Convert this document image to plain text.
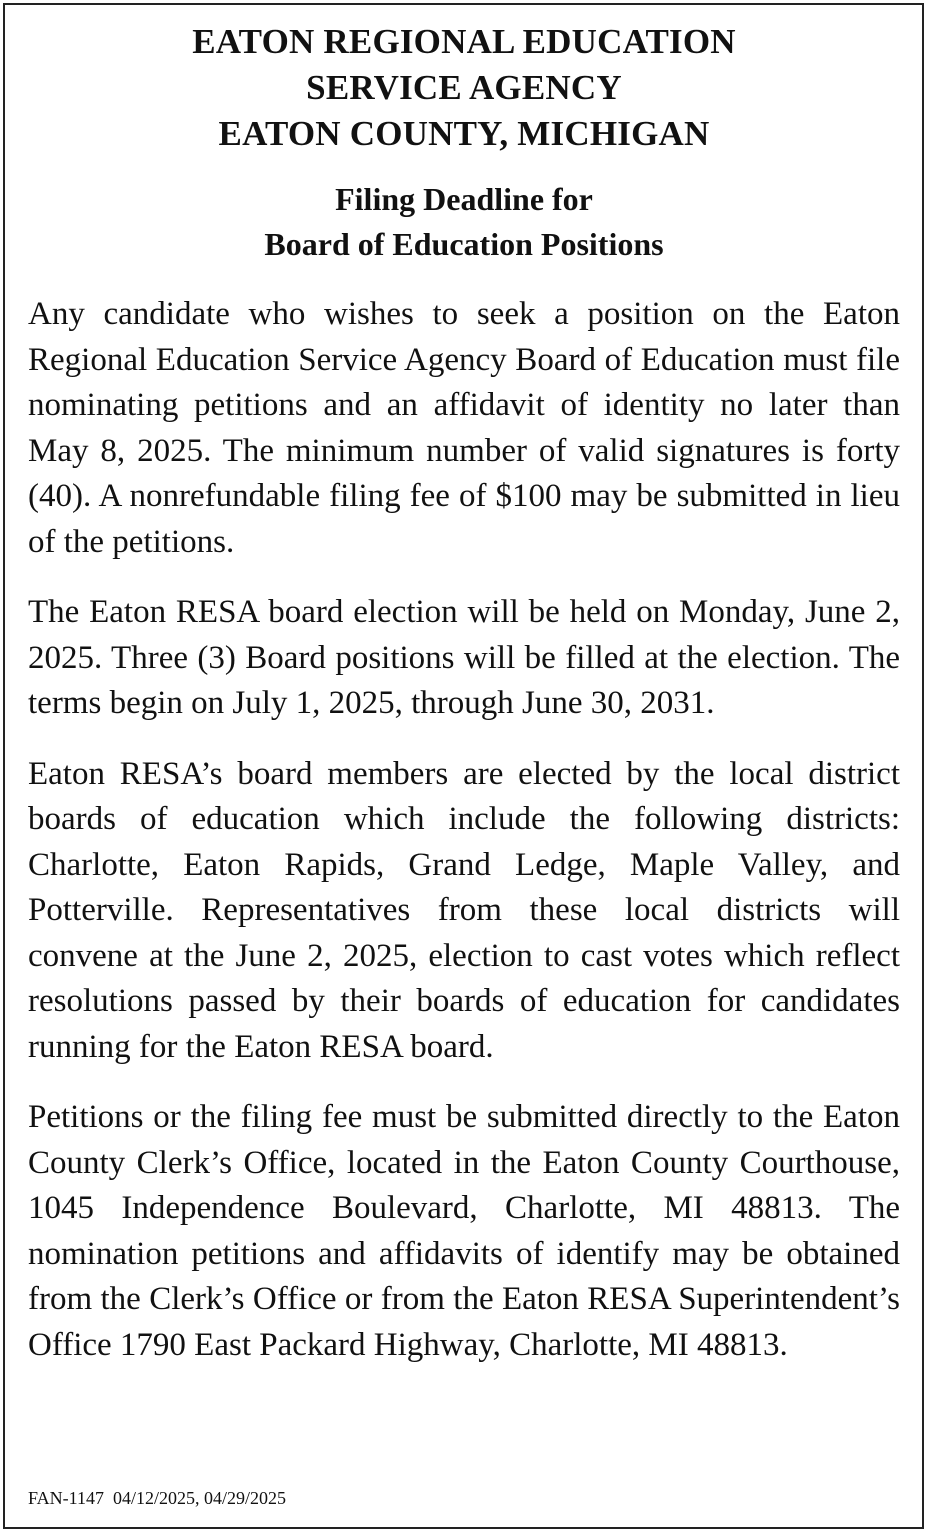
EATON REGIONAL EDUCATION
SERVICE AGENCY
EATON COUNTY, MICHIGAN
Filing Deadline for
Board of Education Positions

Any candidate who wishes to seek a position on the Eaton Regional Education Service Agency Board of Education must file nominating petitions and an affidavit of identity no later than May 8, 2025. The minimum number of valid signatures is forty (40). A nonrefundable filing fee of $100 may be submitted in lieu of the petitions.

The Eaton RESA board election will be held on Monday, June 2, 2025. Three (3) Board positions will be filled at the election. The terms begin on July 1, 2025, through June 30, 2031.

Eaton RESA’s board members are elected by the local district boards of education which include the following districts: Charlotte, Eaton Rapids, Grand Ledge, Maple Valley, and Potterville. Representatives from these local districts will convene at the June 2, 2025, election to cast votes which reflect resolutions passed by their boards of education for candidates running for the Eaton RESA board.

Petitions or the filing fee must be submitted directly to the Eaton County Clerk’s Office, located in the Eaton County Courthouse, 1045 Independence Boulevard, Charlotte, MI 48813. The nomination petitions and affidavits of identify may be obtained from the Clerk’s Office or from the Eaton RESA Superintendent’s Office 1790 East Packard Highway, Charlotte, MI 48813.

FAN-1147  04/12/2025, 04/29/2025
